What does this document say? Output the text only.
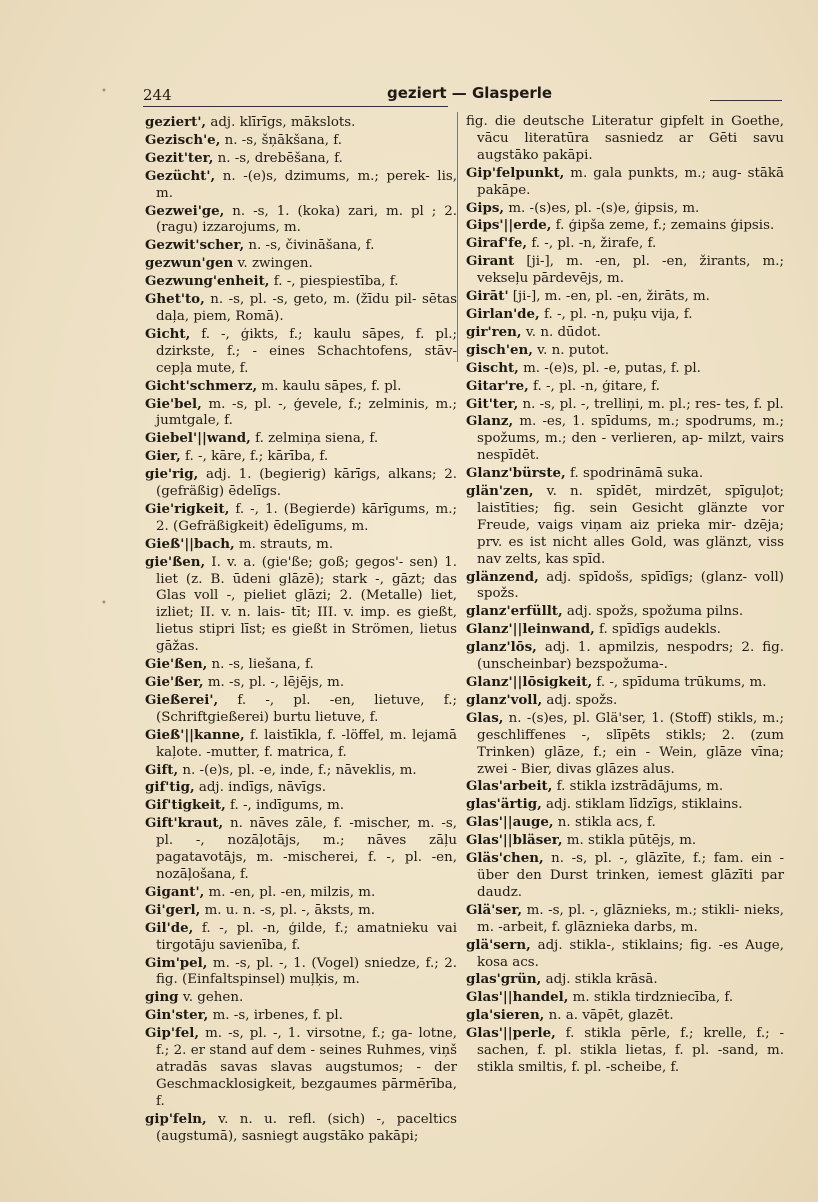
244	geziert — Glasperle

geziert', adj. klīrīgs, mākslots.

Gezisch'e, n. -s, šņākšana, f.

Gezit'ter, n. -s, drebēšana, f.

Gezücht', n. -(e)s, dzimums, m.; perek- lis, m.

Gezwei'ge, n. -s, 1. (koka) zari, m. pl ; 2. (ragu) izzarojums, m.

Gezwit'scher, n. -s, čivināšana, f.

gezwun'gen v. zwingen.

Gezwung'enheit, f. -, piespiestība, f.

Ghet'to, n. -s, pl. -s, geto, m. (žīdu pil- sētas daļa, piem, Romā).

Gicht, f. -, ģikts, f.; kaulu sāpes, f. pl.; dzirkste, f.; - eines Schachtofens, stāv- cepļa mute, f.

Gicht'schmerz, m. kaulu sāpes, f. pl.

Gie'bel, m. -s, pl. -, ģevele, f.; zelminis, m.; jumtgale, f.

Giebel'||wand, f. zelmiņa siena, f.

Gier, f. -, kāre, f.; kārība, f.

gie'rig, adj. 1. (begierig) kārīgs, alkans; 2. (gefräßig) ēdelīgs.

Gie'rigkeit, f. -, 1. (Begierde) kārīgums, m.; 2. (Gefräßigkeit) ēdelīgums, m.

Gieß'||bach, m. strauts, m.

gie'ßen, I. v. a. (gie'ße; goß; gegos'- sen) 1. liet (z. B. ūdeni glāzē); stark -, gāzt; das Glas voll -, pieliet glāzi; 2. (Metalle) liet, izliet; II. v. n. lais- tīt; III. v. imp. es gießt, lietus stipri līst; es gießt in Strömen, lietus gāžas.

Gie'ßen, n. -s, liešana, f.

Gie'ßer, m. -s, pl. -, lējējs, m.

Gießerei', f. -, pl. -en, lietuve, f.; (Schriftgießerei) burtu lietuve, f.

Gieß'||kanne, f. laistīkla, f. -löffel, m. lejamā kaļote. -mutter, f. matrica, f.

Gift, n. -(e)s, pl. -e, inde, f.; nāveklis, m.

gif'tig, adj. indīgs, nāvīgs.

Gif'tigkeit, f. -, indīgums, m.

Gift'kraut, n. nāves zāle, f. -mischer, m. -s, pl. -, nozāļotājs, m.; nāves zāļu pagatavotājs, m. -mischerei, f. -, pl. -en, nozāļošana, f.

Gigant', m. -en, pl. -en, milzis, m.

Gi'gerl, m. u. n. -s, pl. -, āksts, m.

Gil'de, f. -, pl. -n, ģilde, f.; amatnieku vai tirgotāju savienība, f.

Gim'pel, m. -s, pl. -, 1. (Vogel) sniedze, f.; 2. fig. (Einfaltspinsel) muļķis, m.

ging v. gehen.

Gin'ster, m. -s, irbenes, f. pl.

Gip'fel, m. -s, pl. -, 1. virsotne, f.; ga- lotne, f.; 2. er stand auf dem - seines Ruhmes, viņš atradās savas slavas augstumos; - der Geschmacklosigkeit, bezgaumes pārmērība, f.

gip'feln, v. n. u. refl. (sich) -, paceltics (augstumā), sasniegt augstāko pakāpi;

fig. die deutsche Literatur gipfelt in Goethe, vācu literatūra sasniedz ar Gēti savu augstāko pakāpi.

Gip'felpunkt, m. gala punkts, m.; aug- stākā pakāpe.

Gips, m. -(s)es, pl. -(s)e, ģipsis, m.

Gips'||erde, f. ģipša zeme, f.; zemains ģipsis.

Giraf'fe, f. -, pl. -n, žirafe, f.

Girant [ji-], m. -en, pl. -en, žirants, m.; vekseļu pārdevējs, m.

Girāt' [ji-], m. -en, pl. -en, žirāts, m.

Girlan'de, f. -, pl. -n, puķu vija, f.

gir'ren, v. n. dūdot.

gisch'en, v. n. putot.

Gischt, m. -(e)s, pl. -e, putas, f. pl.

Gitar're, f. -, pl. -n, ģitare, f.

Git'ter, n. -s, pl. -, trelliņi, m. pl.; res- tes, f. pl.

Glanz, m. -es, 1. spīdums, m.; spodrums, m.; spožums, m.; den - verlieren, ap- milzt, vairs nespīdēt.

Glanz'bürste, f. spodrināmā suka.

glän'zen, v. n. spīdēt, mirdzēt, spīguļot; laistīties; fig. sein Gesicht glänzte vor Freude, vaigs viņam aiz prieka mir- dzēja; prv. es ist nicht alles Gold, was glänzt, viss nav zelts, kas spīd.

glänzend, adj. spīdošs, spīdīgs; (glanz- voll) spožs.

glanz'erfüllt, adj. spožs, spožuma pilns.

Glanz'||leinwand, f. spīdīgs audekls.

glanz'lōs, adj. 1. apmilzis, nespodrs; 2. fig. (unscheinbar) bezspožuma-.

Glanz'||lōsigkeit, f. -, spīduma trūkums, m.

glanz'voll, adj. spožs.

Glas, n. -(s)es, pl. Glä'ser, 1. (Stoff) stikls, m.; geschliffenes -, slīpēts stikls; 2. (zum Trinken) glāze, f.; ein - Wein, glāze vīna; zwei - Bier, divas glāzes alus.

Glas'arbeit, f. stikla izstrādājums, m.

glas'ärtig, adj. stiklam līdzīgs, stiklains.

Glas'||auge, n. stikla acs, f.

Glas'||bläser, m. stikla pūtējs, m.

Gläs'chen, n. -s, pl. -, glāzīte, f.; fam. ein - über den Durst trinken, iemest glāzīti par daudz.

Glä'ser, m. -s, pl. -, glāznieks, m.; stikli- nieks, m. -arbeit, f. glāznieka darbs, m.

glä'sern, adj. stikla-, stiklains; fig. -es Auge, kosa acs.

glas'grün, adj. stikla krāsā.

Glas'||handel, m. stikla tirdzniecība, f.

gla'sieren, n. a. vāpēt, glazēt.

Glas'||perle, f. stikla pērle, f.; krelle, f.; -sachen, f. pl. stikla lietas, f. pl. -sand, m. stikla smiltis, f. pl. -scheibe, f.

•
•
